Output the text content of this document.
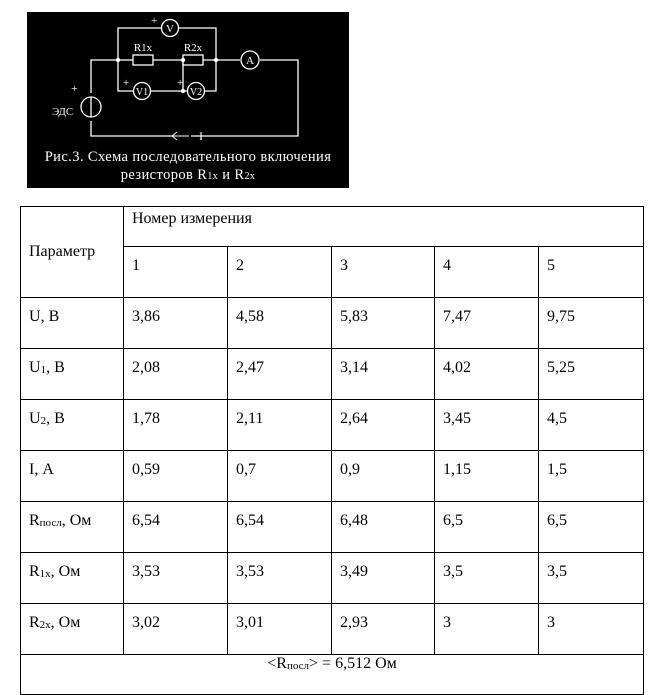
V
V1	V2
A
R1x	R2x
ЭДС
I
+
+	+
+
Рис.3. Схема последовательного включения
резисторов R1x и R2x
Параметр	Номер измерения				
	1	2	3	4	5
U, В	3,86	4,58	5,83	7,47	9,75
$U_1$, В	2,08	2,47	3,14	4,02	5,25
$U_2$, В	1,78	2,11	2,64	3,45	4,5
I, А	0,59	0,7	0,9	1,15	1,5
$R_{посл}$, Ом	6,54	6,54	6,48	6,5	6,5
$R_{1x}$, Ом	3,53	3,53	3,49	3,5	3,5
$R_{2x}$, Ом	3,02	3,01	2,93	3	3
$<R_{посл}> = 6,512$ Ом					
